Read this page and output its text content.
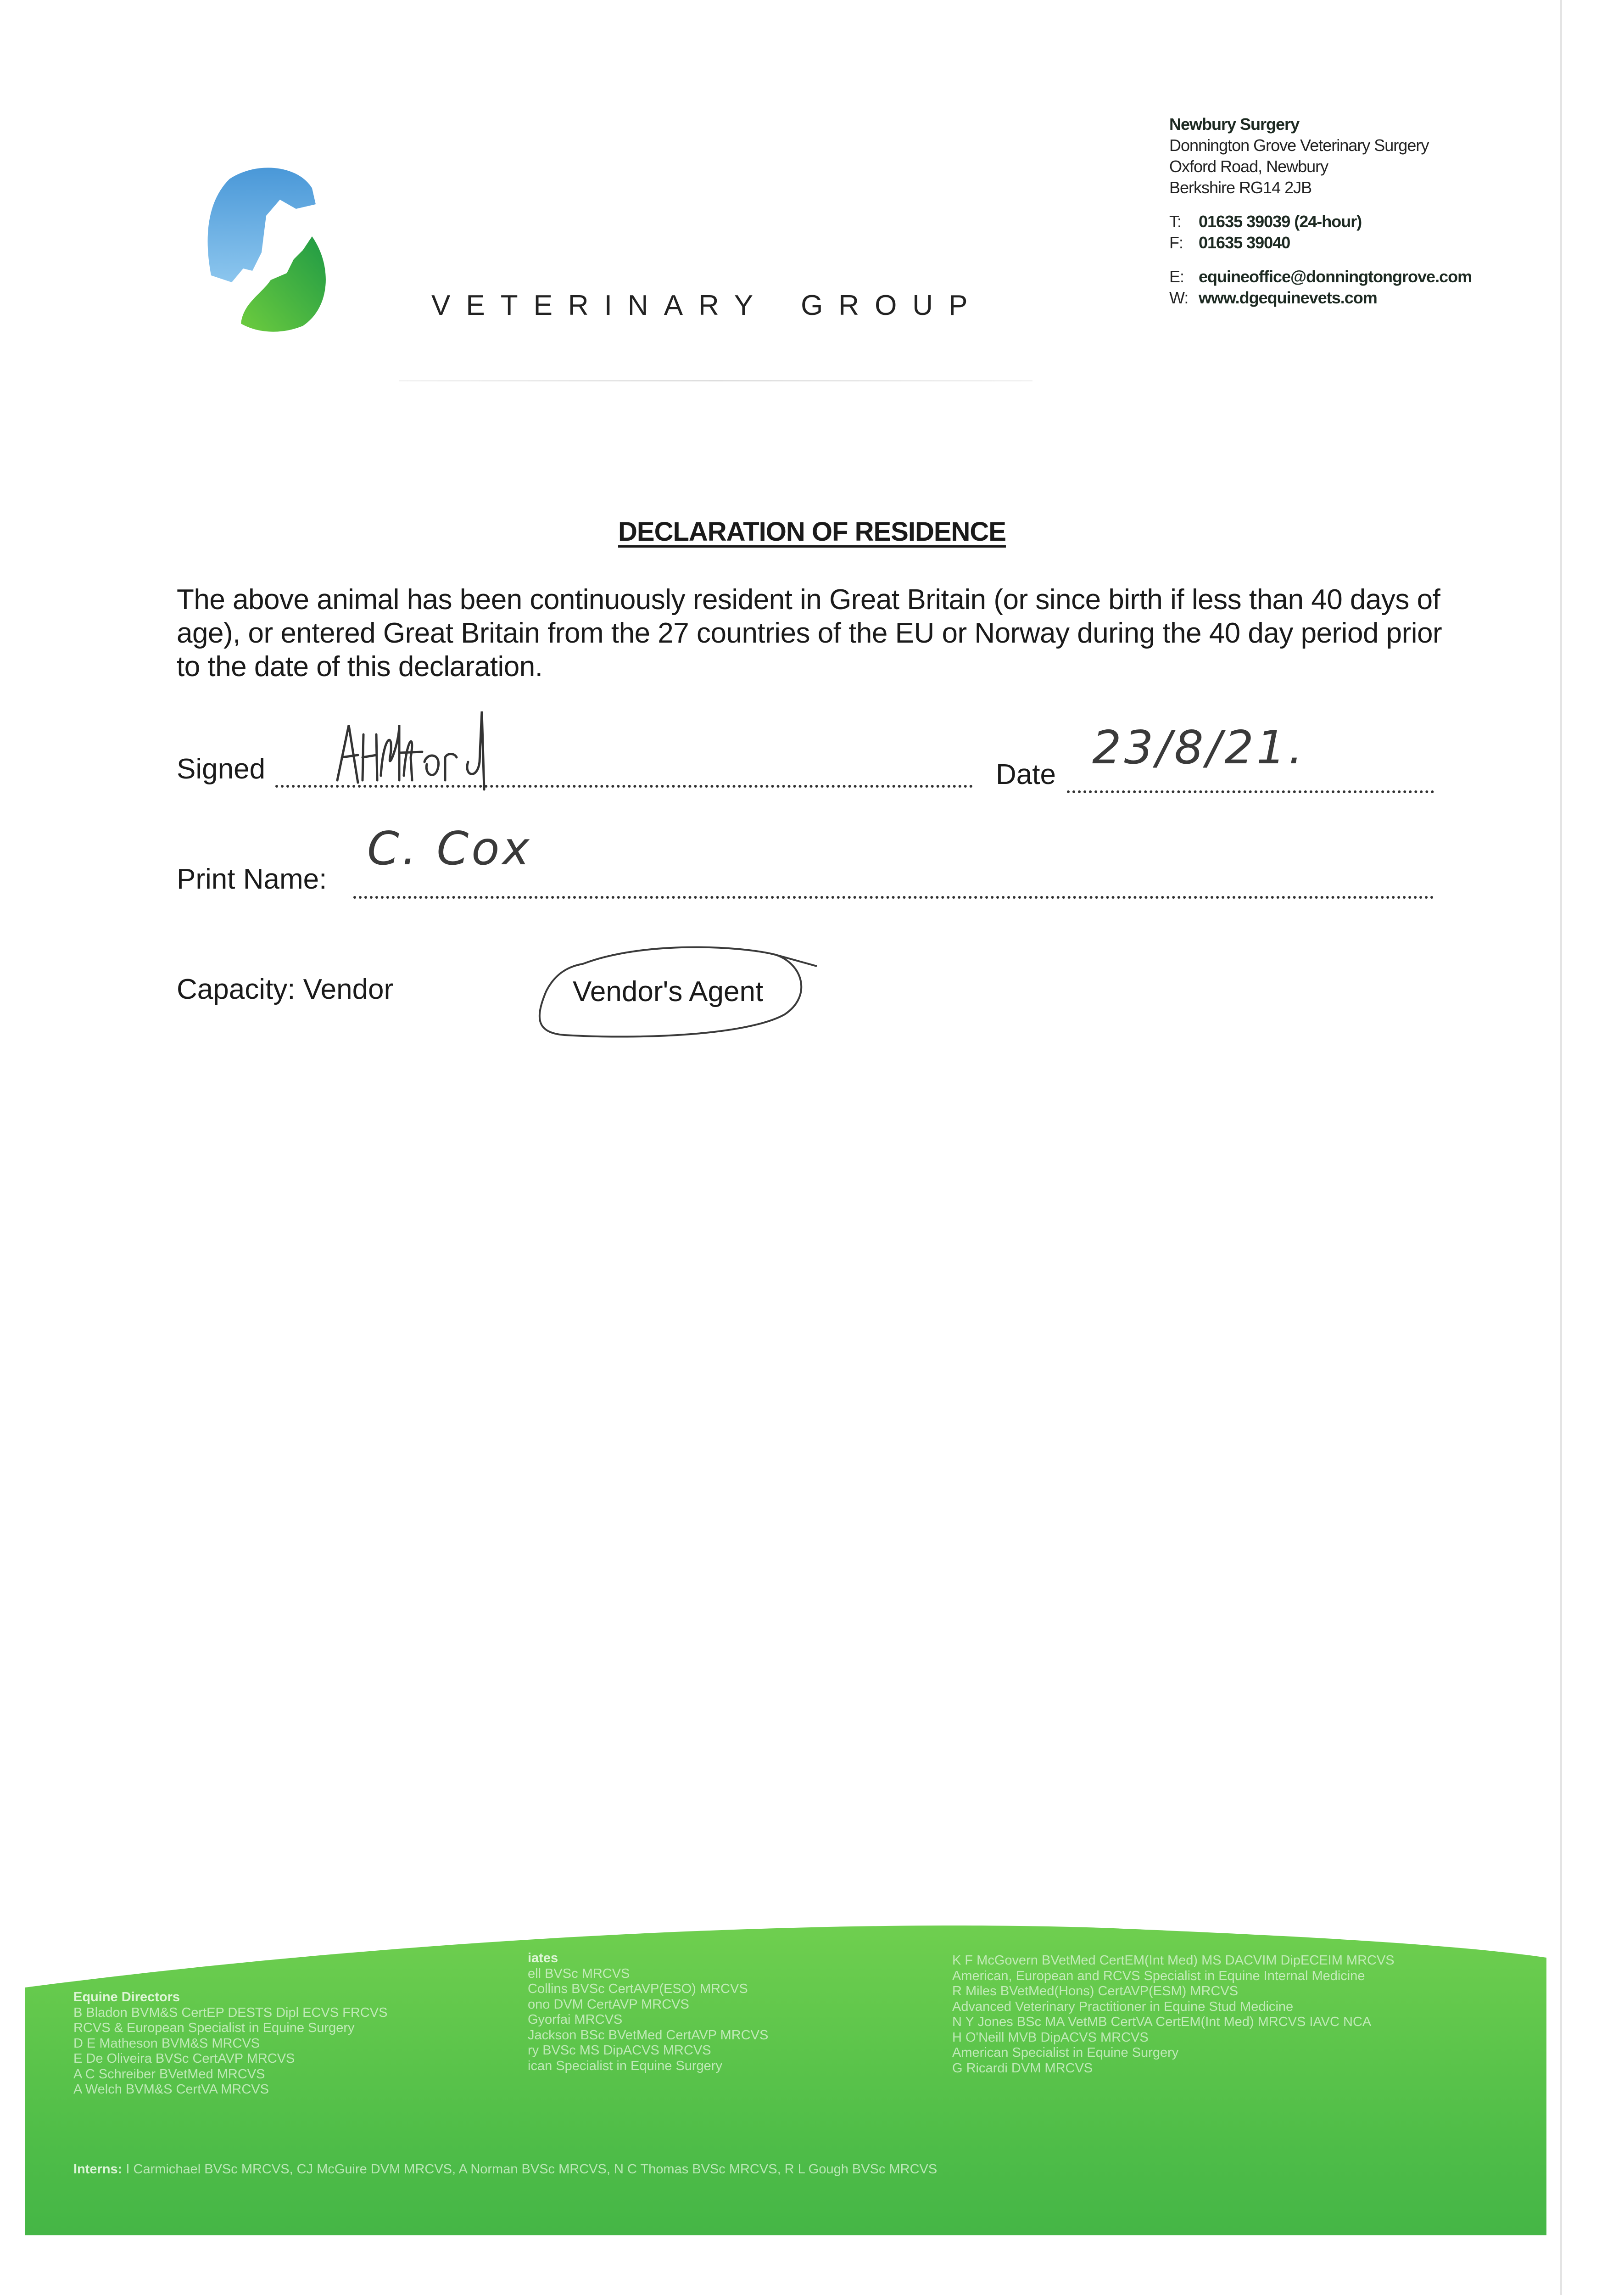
VETERINARY GROUP
Newbury Surgery
Donnington Grove Veterinary Surgery
Oxford Road, Newbury
Berkshire RG14 2JB
T: 01635 39039 (24-hour)
F: 01635 39040
E: equineoffice@donningtongrove.com
W: www.dgequinevets.com
DECLARATION OF RESIDENCE
The above animal has been continuously resident in Great Britain (or since birth if less than 40 days of age), or entered Great Britain from the 27 countries of the EU or Norway during the 40 day period prior to the date of this declaration.
Signed	Date
23/8/21.
Print Name:
C. Cox
Capacity: Vendor	Vendor's Agent
Equine Directors
B Bladon BVM&S CertEP DESTS Dipl ECVS FRCVS
RCVS & European Specialist in Equine Surgery
D E Matheson BVM&S MRCVS
E De Oliveira BVSc CertAVP MRCVS
A C Schreiber BVetMed MRCVS
A Welch BVM&S CertVA MRCVS
iates
ell BVSc MRCVS
Collins BVSc CertAVP(ESO) MRCVS
ono DVM CertAVP MRCVS
Gyorfai MRCVS
Jackson BSc BVetMed CertAVP MRCVS
ry BVSc MS DipACVS MRCVS
ican Specialist in Equine Surgery
K F McGovern BVetMed CertEM(Int Med) MS DACVIM DipECEIM MRCVS
American, European and RCVS Specialist in Equine Internal Medicine
R Miles BVetMed(Hons) CertAVP(ESM) MRCVS
Advanced Veterinary Practitioner in Equine Stud Medicine
N Y Jones BSc MA VetMB CertVA CertEM(Int Med) MRCVS IAVC NCA
H O'Neill MVB DipACVS MRCVS
American Specialist in Equine Surgery
G Ricardi DVM MRCVS
Interns: I Carmichael BVSc MRCVS, CJ McGuire DVM MRCVS, A Norman BVSc MRCVS, N C Thomas BVSc MRCVS, R L Gough BVSc MRCVS
